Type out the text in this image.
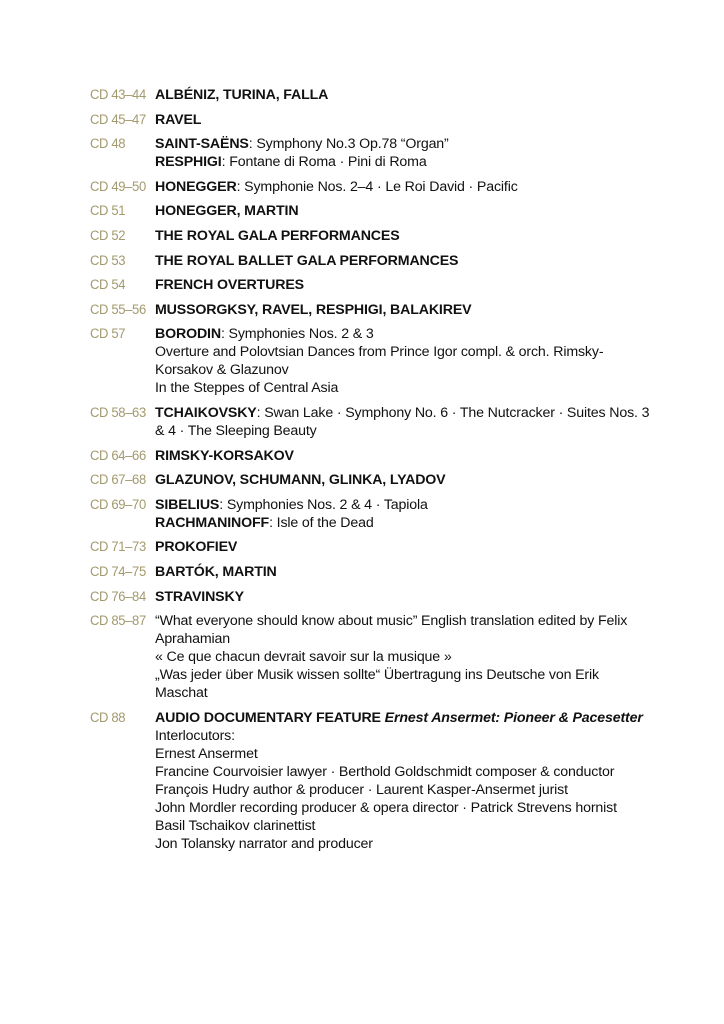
CD 43–44 ALBÉNIZ, TURINA, FALLA
CD 45–47 RAVEL
CD 48	SAINT-SAËNS: Symphony No.3 Op.78 “Organ”
RESPHIGI: Fontane di Roma · Pini di Roma
CD 49–50 HONEGGER: Symphonie Nos. 2–4 · Le Roi David · Pacific
CD 51	HONEGGER, MARTIN
CD 52	THE ROYAL GALA PERFORMANCES
CD 53	THE ROYAL BALLET GALA PERFORMANCES
CD 54	FRENCH OVERTURES
CD 55–56 MUSSORGKSY, RAVEL, RESPHIGI, BALAKIREV
CD 57	BORODIN: Symphonies Nos. 2 & 3
Overture and Polovtsian Dances from Prince Igor compl. & orch. Rimsky-Korsakov & Glazunov
In the Steppes of Central Asia
CD 58–63 TCHAIKOVSKY: Swan Lake · Symphony No. 6 · The Nutcracker · Suites Nos. 3 & 4 · The Sleeping Beauty
CD 64–66 RIMSKY-KORSAKOV
CD 67–68 GLAZUNOV, SCHUMANN, GLINKA, LYADOV
CD 69–70 SIBELIUS: Symphonies Nos. 2 & 4 · Tapiola
RACHMANINOFF: Isle of the Dead
CD 71–73 PROKOFIEV
CD 74–75 BARTÓK, MARTIN
CD 76–84 STRAVINSKY
CD 85–87 “What everyone should know about music” English translation edited by Felix Aprahamian
« Ce que chacun devrait savoir sur la musique »
„Was jeder über Musik wissen sollte“ Übertragung ins Deutsche von Erik Maschat
CD 88	AUDIO DOCUMENTARY FEATURE Ernest Ansermet: Pioneer & Pacesetter
Interlocutors:
Ernest Ansermet
Francine Courvoisier lawyer · Berthold Goldschmidt composer & conductor
François Hudry author & producer · Laurent Kasper-Ansermet jurist
John Mordler recording producer & opera director · Patrick Strevens hornist
Basil Tschaikov clarinettist
Jon Tolansky narrator and producer
